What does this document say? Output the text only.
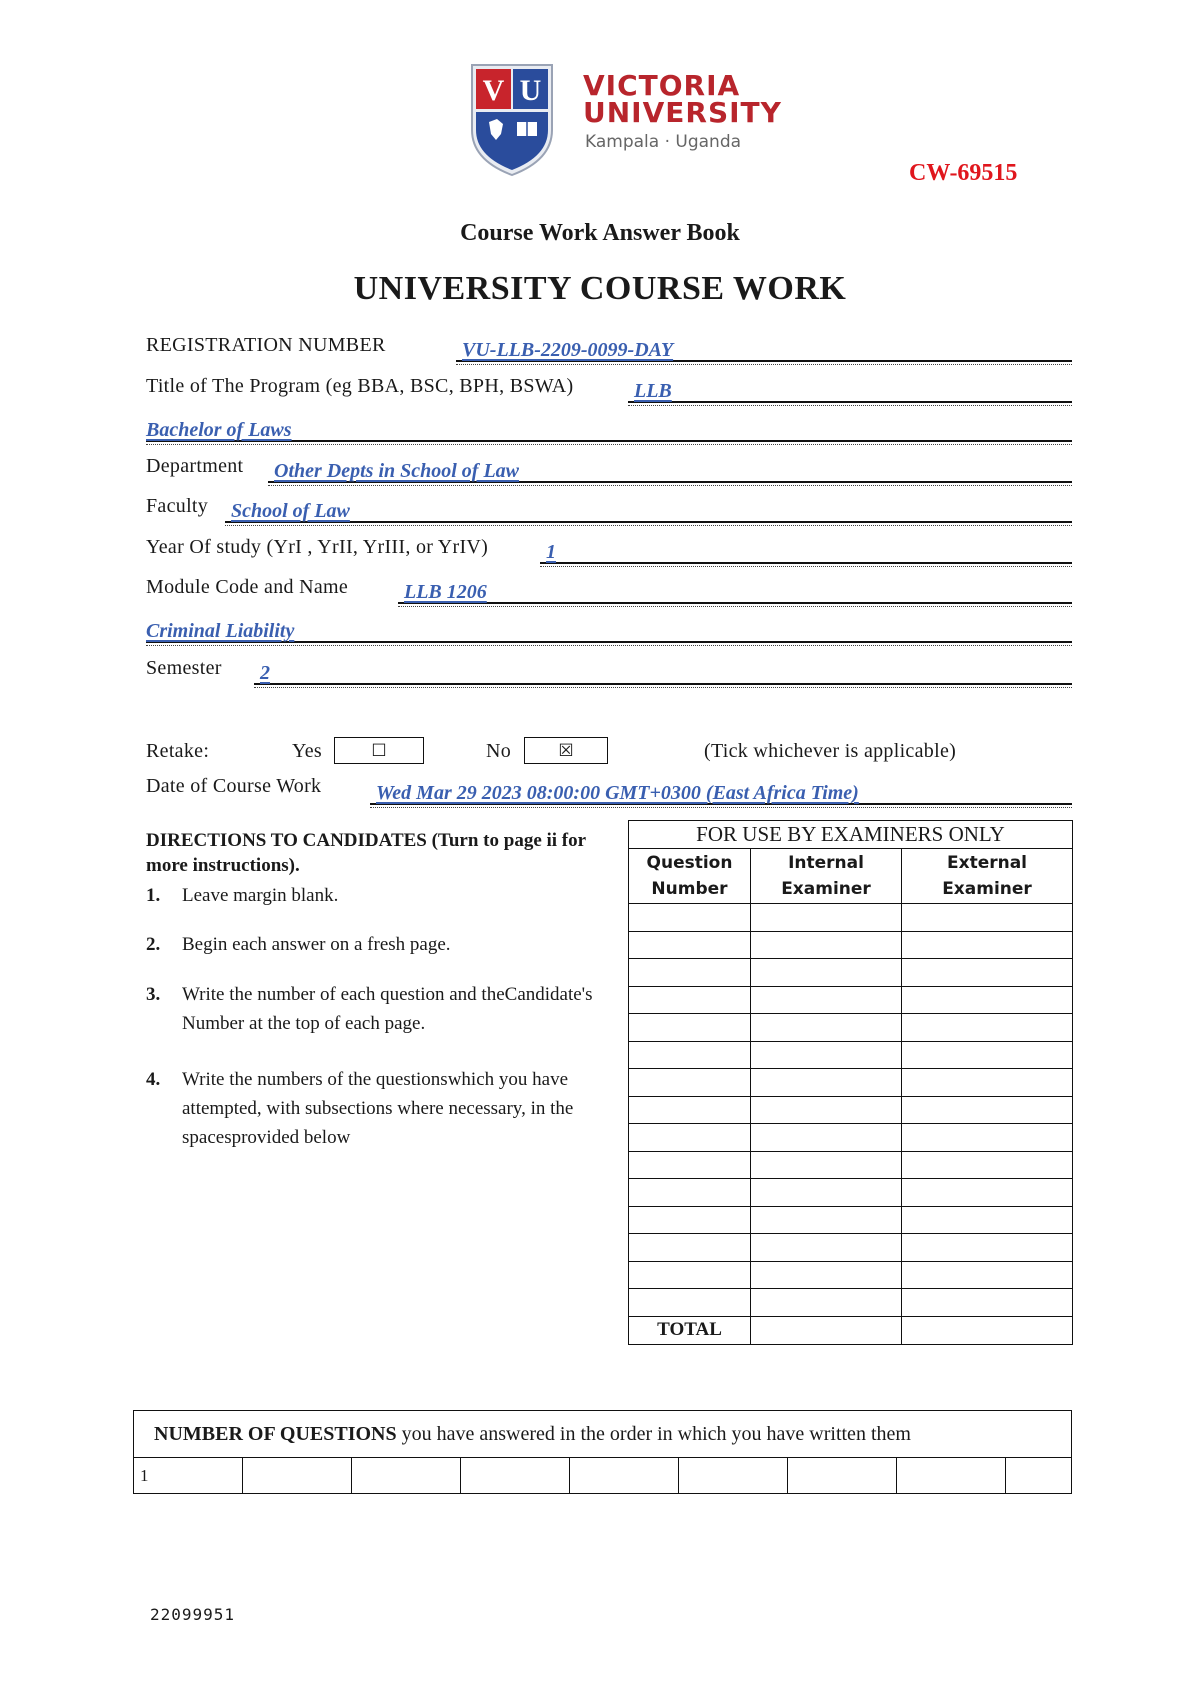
V U VICTORIA
UNIVERSITY
Kampala · Uganda
CW-69515
Course Work Answer Book
UNIVERSITY COURSE WORK
REGISTRATION NUMBER	VU-LLB-2209-0099-DAY
Title of The Program (eg BBA, BSC, BPH, BSWA)	LLB
Bachelor of Laws
Department Other Depts in School of Law
Faculty School of Law
Year Of study (YrI , YrII, YrIII, or YrIV)	1
Module Code and Name	LLB 1206
Criminal Liability
Semester 2
Retake:	Yes	☐	No	☒	(Tick whichever is applicable)
Date of Course Work	Wed Mar 29 2023 08:00:00 GMT+0300 (East Africa Time)
DIRECTIONS TO CANDIDATES (Turn to page ii for more instructions).
1. Leave margin blank.
2. Begin each answer on a fresh page.
3. Write the number of each question and theCandidate's Number at the top of each page.
4. Write the numbers of the questionswhich you have attempted, with subsections where necessary, in the spacesprovided below
FOR USE BY EXAMINERS ONLY		
Question Number	Internal Examiner	External Examiner

TOTAL		
NUMBER OF QUESTIONS you have answered in the order in which you have written them
1								
22099951
